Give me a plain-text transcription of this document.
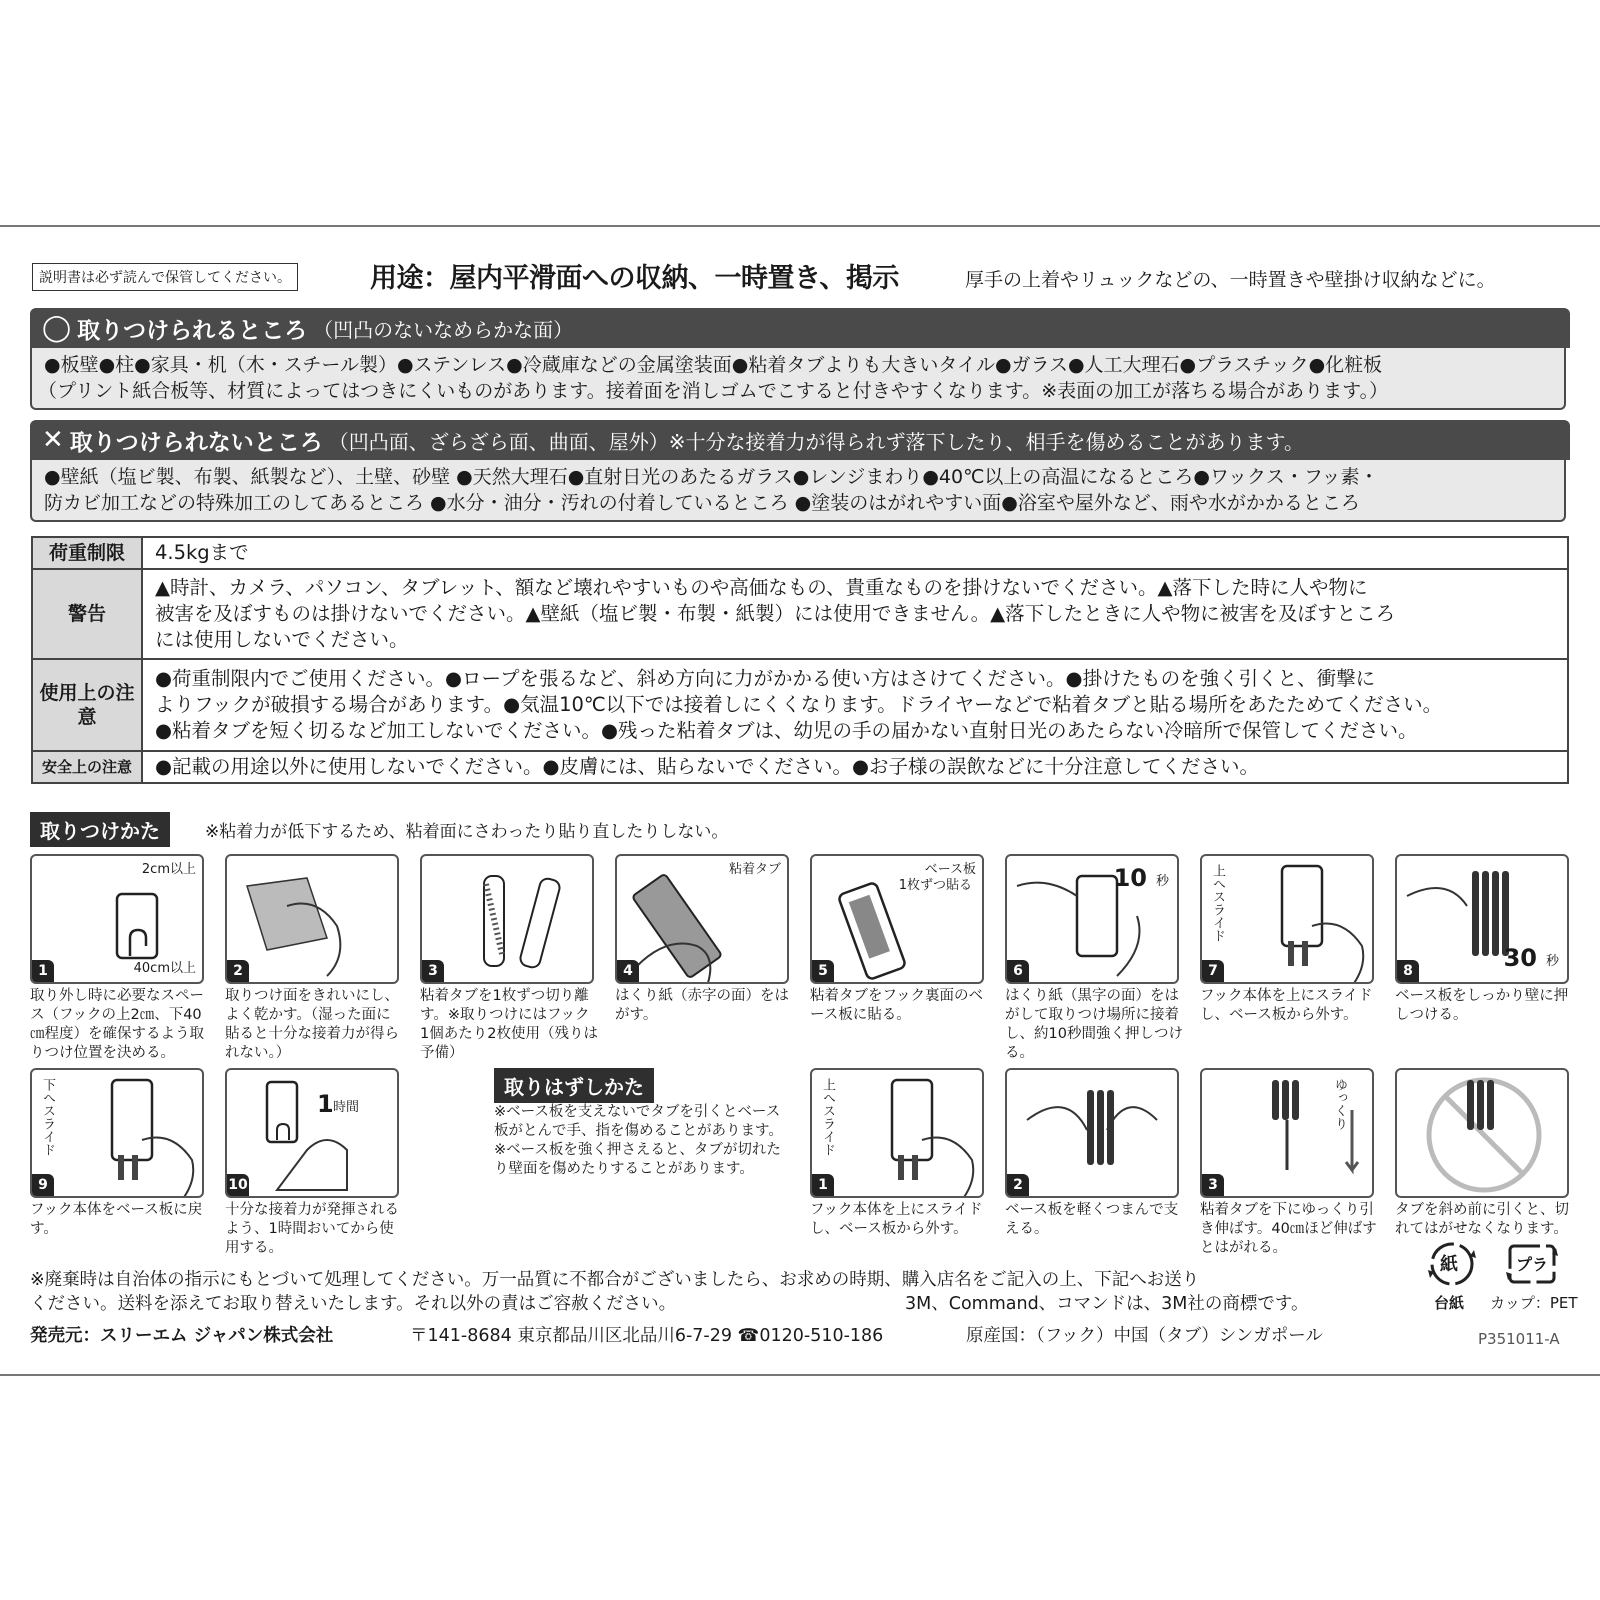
説明書は必ず読んで保管してください。	用途：屋内平滑面への収納、一時置き、掲示	厚手の上着やリュックなどの、一時置きや壁掛け収納などに。
◯ 取りつけられるところ （凹凸のないなめらかな面）
●板壁●柱●家具・机（木・スチール製）●ステンレス●冷蔵庫などの金属塗装面●粘着タブよりも大きいタイル●ガラス●人工大理石●プラスチック●化粧板
（プリント紙合板等、材質によってはつきにくいものがあります。接着面を消しゴムでこすると付きやすくなります。※表面の加工が落ちる場合があります。）
✕ 取りつけられないところ （凹凸面、ざらざら面、曲面、屋外）※十分な接着力が得られず落下したり、相手を傷めることがあります。
●壁紙（塩ビ製、布製、紙製など）、土壁、砂壁 ●天然大理石●直射日光のあたるガラス●レンジまわり●40℃以上の高温になるところ●ワックス・フッ素・
防カビ加工などの特殊加工のしてあるところ ●水分・油分・汚れの付着しているところ ●塗装のはがれやすい面●浴室や屋外など、雨や水がかかるところ
荷重制限	4.5kgまで
警告	▲時計、カメラ、パソコン、タブレット、額など壊れやすいものや高価なもの、貴重なものを掛けないでください。▲落下した時に人や物に
被害を及ぼすものは掛けないでください。▲壁紙（塩ビ製・布製・紙製）には使用できません。▲落下したときに人や物に被害を及ぼすところ
には使用しないでください。

使用上の注意	●荷重制限内でご使用ください。●ロープを張るなど、斜め方向に力がかかる使い方はさけてください。●掛けたものを強く引くと、衝撃に
よりフックが破損する場合があります。●気温10℃以下では接着しにくくなります。ドライヤーなどで粘着タブと貼る場所をあたためてください。
●粘着タブを短く切るなど加工しないでください。●残った粘着タブは、幼児の手の届かない直射日光のあたらない冷暗所で保管してください。

安全上の注意	●記載の用途以外に使用しないでください。●皮膚には、貼らないでください。●お子様の誤飲などに十分注意してください。
取りつけかた	※粘着力が低下するため、粘着面にさわったり貼り直したりしない。
1
2cm以上
40cm以上
取り外し時に必要なスペース（フックの上2㎝、下40㎝程度）を確保するよう取りつけ位置を決める。
2
取りつけ面をきれいにし、よく乾かす。（湿った面に貼ると十分な接着力が得られない。）
3
粘着タブを1枚ずつ切り離す。※取りつけにはフック1個あたり2枚使用（残りは予備）
4
粘着タブ
はくり紙（赤字の面）をはがす。
5
ベース板
1枚ずつ貼る
粘着タブをフック裏面のベース板に貼る。
6
10 秒
はくり紙（黒字の面）をはがして取りつけ場所に接着し、約10秒間強く押しつける。
7
上へスライド
フック本体を上にスライドし、ベース板から外す。
8	30 秒
ベース板をしっかり壁に押しつける。
9
下へスライド
フック本体をベース板に戻す。
10
1 時間
十分な接着力が発揮されるよう、1時間おいてから使用する。
取りはずしかた
※ベース板を支えないでタブを引くとベース板がとんで手、指を傷めることがあります。※ベース板を強く押さえると、タブが切れたり壁面を傷めたりすることがあります。
1
上へスライド
フック本体を上にスライドし、ベース板から外す。
2
ベース板を軽くつまんで支える。
3
ゆっくり
粘着タブを下にゆっくり引き伸ばす。40㎝ほど伸ばすとはがれる。
タブを斜め前に引くと、切れてはがせなくなります。
※廃棄時は自治体の指示にもとづいて処理してください。万一品質に不都合がございましたら、お求めの時期、購入店名をご記入の上、下記へお送り
ください。送料を添えてお取り替えいたします。それ以外の責はご容赦ください。	3M、Command、コマンドは、3M社の商標です。
発売元：スリーエム ジャパン株式会社	〒141-8684 東京都品川区北品川6-7-29 ☎0120-510-186	原産国：（フック）中国（タブ）シンガポール	P351011-A
紙
台紙
プラ
カップ：PET
